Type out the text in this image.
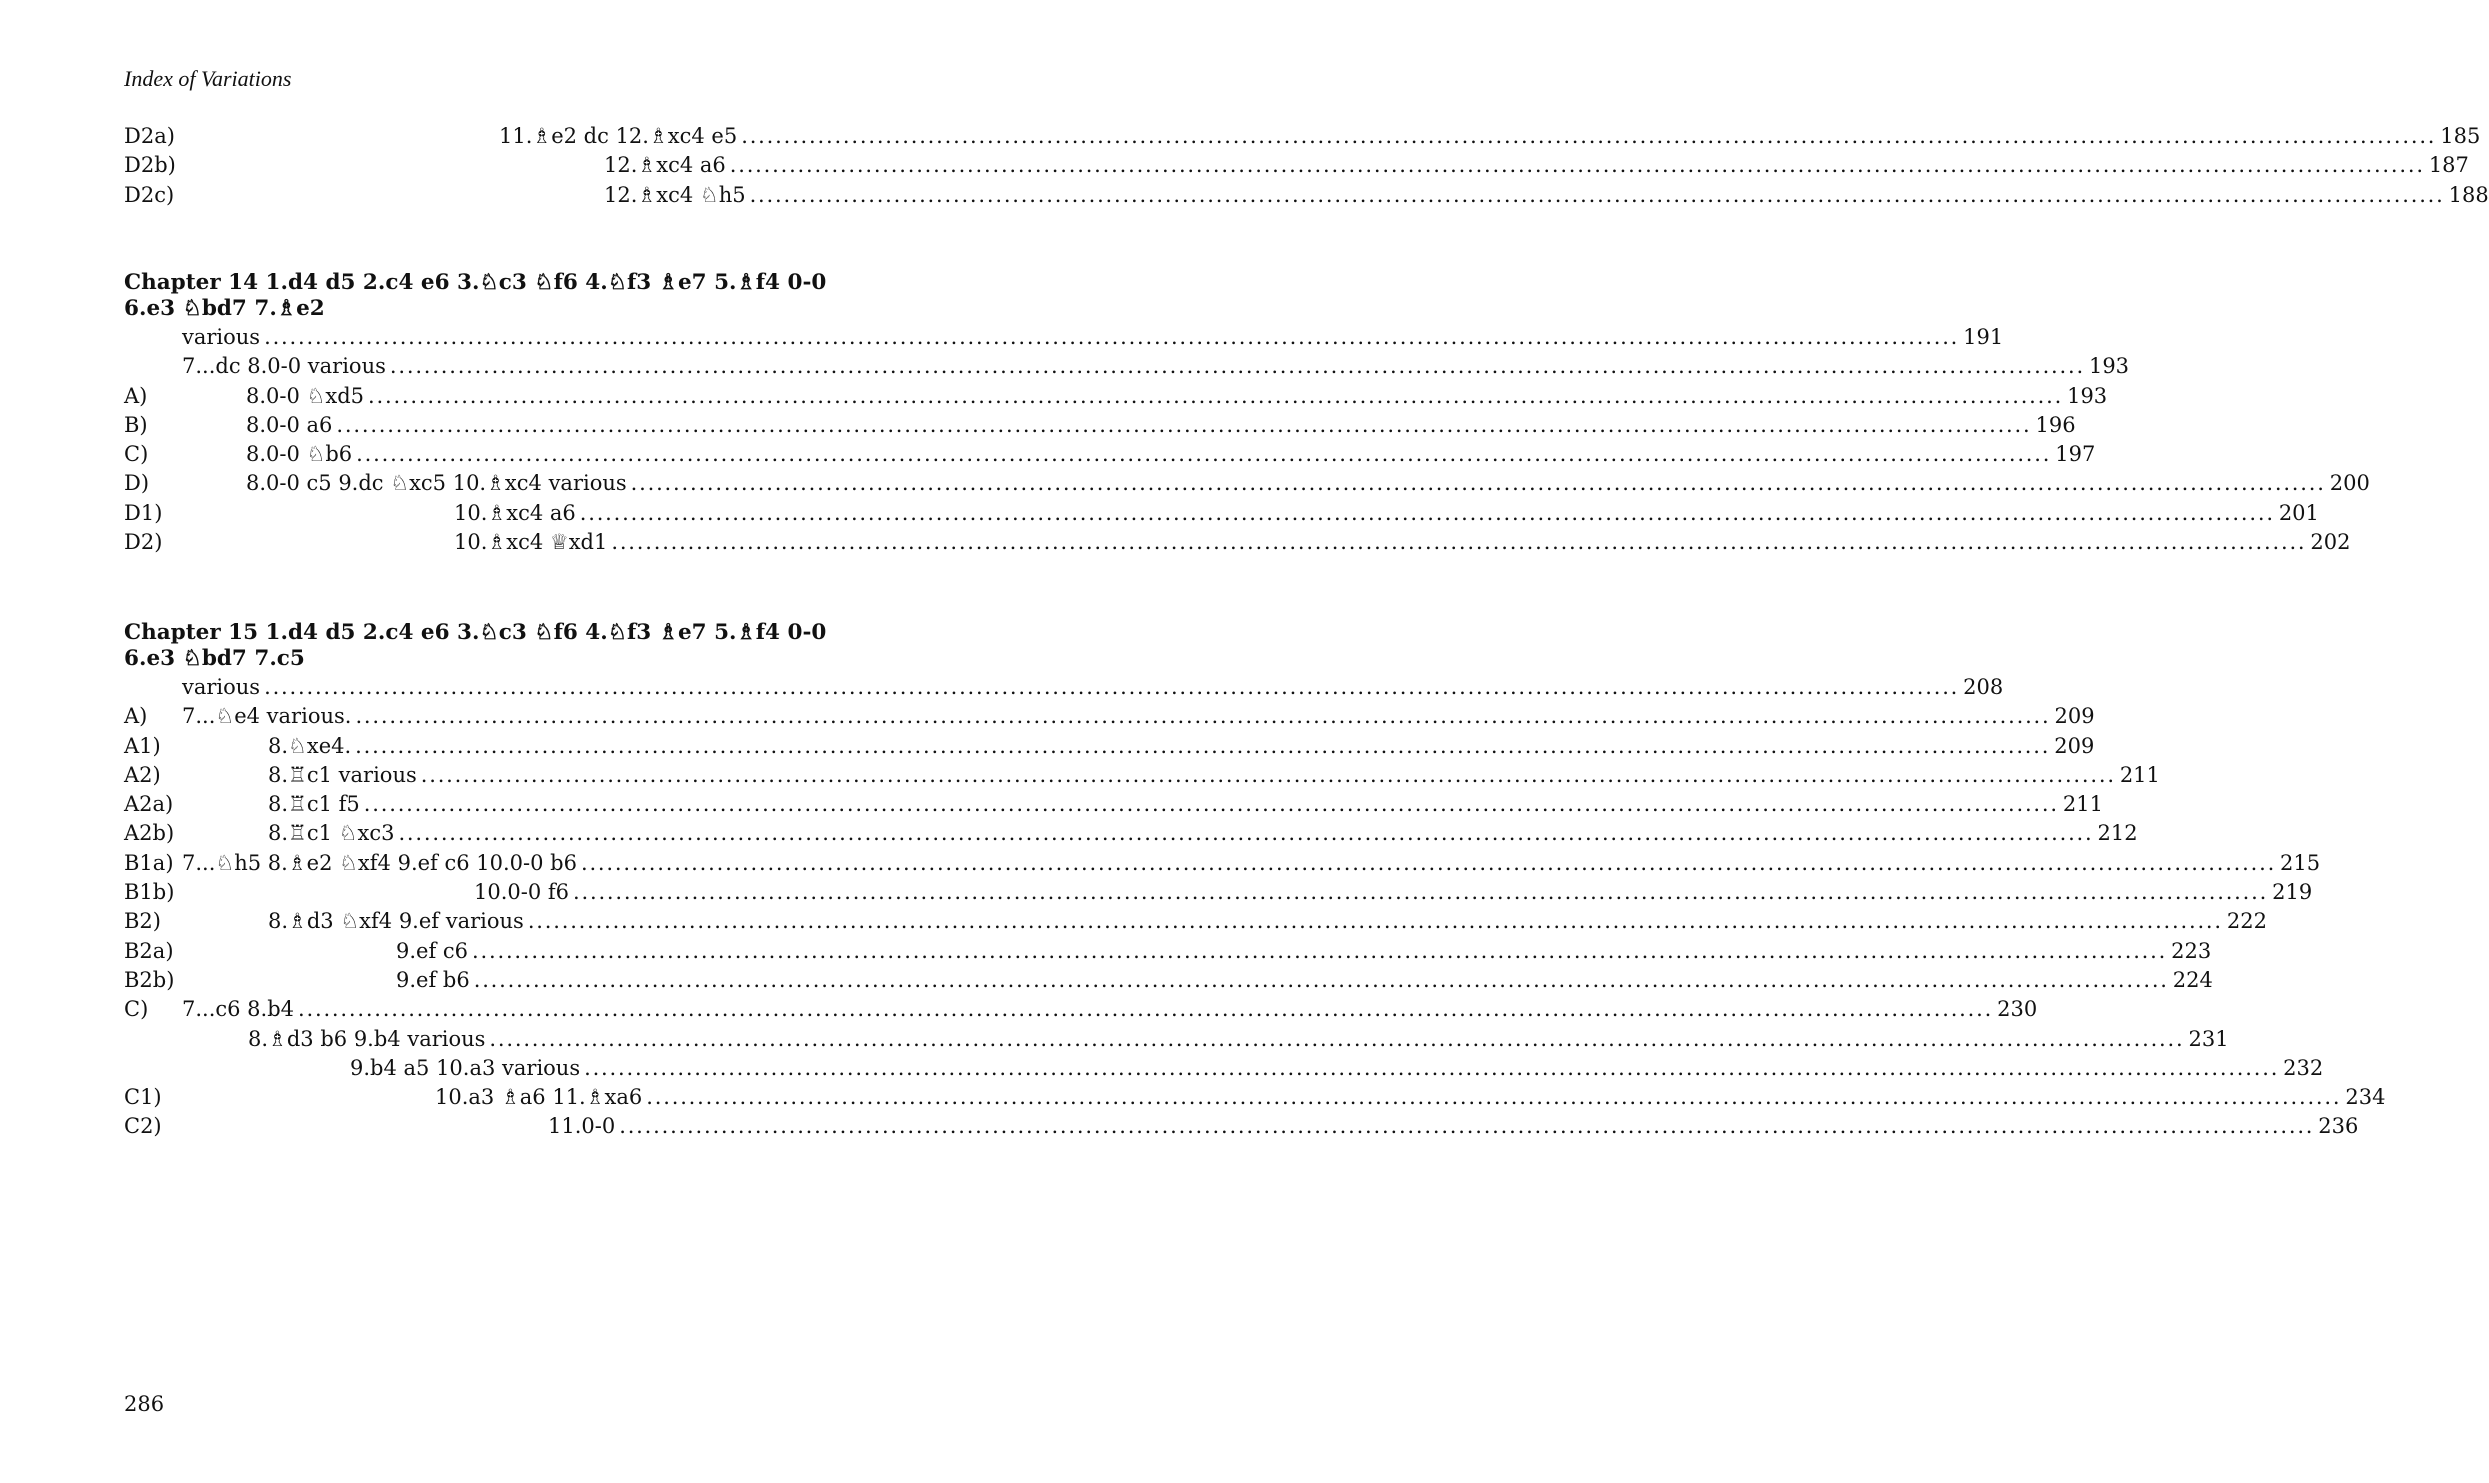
Index of Variations
D2a)	11.♗e2 dc 12.♗xc4 e5 ........................................................................................................................................................................................................ 185
D2b)	12.♗xc4 a6 ........................................................................................................................................................................................................ 187
D2c)	12.♗xc4 ♘h5 ........................................................................................................................................................................................................ 188
Chapter 14 1.d4 d5 2.c4 e6 3.♘c3 ♘f6 4.♘f3 ♗e7 5.♗f4 0-0 6.e3 ♘bd7 7.♗e2
various ........................................................................................................................................................................................................ 191
7...dc 8.0-0 various ........................................................................................................................................................................................................ 193
A)	8.0-0 ♘xd5 ........................................................................................................................................................................................................ 193
B)	8.0-0 a6 ........................................................................................................................................................................................................ 196
C)	8.0-0 ♘b6 ........................................................................................................................................................................................................ 197
D)	8.0-0 c5 9.dc ♘xc5 10.♗xc4 various ........................................................................................................................................................................................................ 200
D1)	10.♗xc4 a6 ........................................................................................................................................................................................................ 201
D2)	10.♗xc4 ♕xd1 ........................................................................................................................................................................................................ 202
Chapter 15 1.d4 d5 2.c4 e6 3.♘c3 ♘f6 4.♘f3 ♗e7 5.♗f4 0-0 6.e3 ♘bd7 7.c5
various ........................................................................................................................................................................................................ 208
A) 7...♘e4 various. ........................................................................................................................................................................................................ 209
A1)	8.♘xe4. ........................................................................................................................................................................................................ 209
A2)	8.♖c1 various ........................................................................................................................................................................................................ 211
A2a)	8.♖c1 f5 ........................................................................................................................................................................................................ 211
A2b)	8.♖c1 ♘xc3 ........................................................................................................................................................................................................ 212
B1a) 7...♘h5 8.♗e2 ♘xf4 9.ef c6 10.0-0 b6 ........................................................................................................................................................................................................ 215
B1b)	10.0-0 f6 ........................................................................................................................................................................................................ 219
B2)	8.♗d3 ♘xf4 9.ef various ........................................................................................................................................................................................................ 222
B2a)	9.ef c6 ........................................................................................................................................................................................................ 223
B2b)	9.ef b6 ........................................................................................................................................................................................................ 224
C) 7...c6 8.b4 ........................................................................................................................................................................................................ 230
8.♗d3 b6 9.b4 various ........................................................................................................................................................................................................ 231
9.b4 a5 10.a3 various ........................................................................................................................................................................................................ 232
C1)	10.a3 ♗a6 11.♗xa6 ........................................................................................................................................................................................................ 234
C2)	11.0-0 ........................................................................................................................................................................................................ 236
286
